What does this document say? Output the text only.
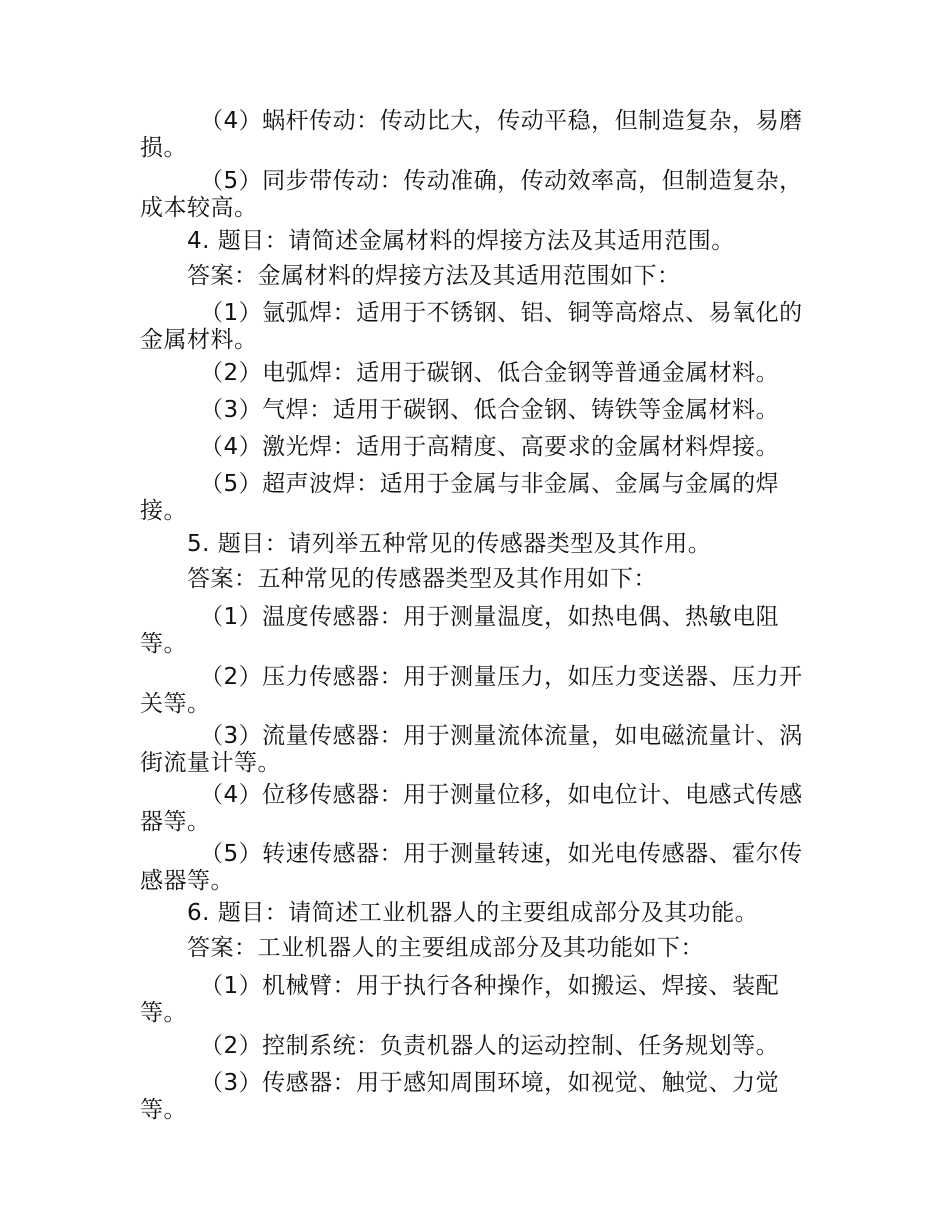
（4）蜗杆传动：传动比大，传动平稳，但制造复杂，易磨损。

（5）同步带传动：传动准确，传动效率高，但制造复杂，成本较高。

4. 题目：请简述金属材料的焊接方法及其适用范围。

答案：金属材料的焊接方法及其适用范围如下：

（1）氩弧焊：适用于不锈钢、铝、铜等高熔点、易氧化的金属材料。

（2）电弧焊：适用于碳钢、低合金钢等普通金属材料。

（3）气焊：适用于碳钢、低合金钢、铸铁等金属材料。

（4）激光焊：适用于高精度、高要求的金属材料焊接。

（5）超声波焊：适用于金属与非金属、金属与金属的焊接。

5. 题目：请列举五种常见的传感器类型及其作用。

答案：五种常见的传感器类型及其作用如下：

（1）温度传感器：用于测量温度，如热电偶、热敏电阻等。

（2）压力传感器：用于测量压力，如压力变送器、压力开关等。

（3）流量传感器：用于测量流体流量，如电磁流量计、涡街流量计等。

（4）位移传感器：用于测量位移，如电位计、电感式传感器等。

（5）转速传感器：用于测量转速，如光电传感器、霍尔传感器等。

6. 题目：请简述工业机器人的主要组成部分及其功能。

答案：工业机器人的主要组成部分及其功能如下：

（1）机械臂：用于执行各种操作，如搬运、焊接、装配等。

（2）控制系统：负责机器人的运动控制、任务规划等。

（3）传感器：用于感知周围环境，如视觉、触觉、力觉等。
